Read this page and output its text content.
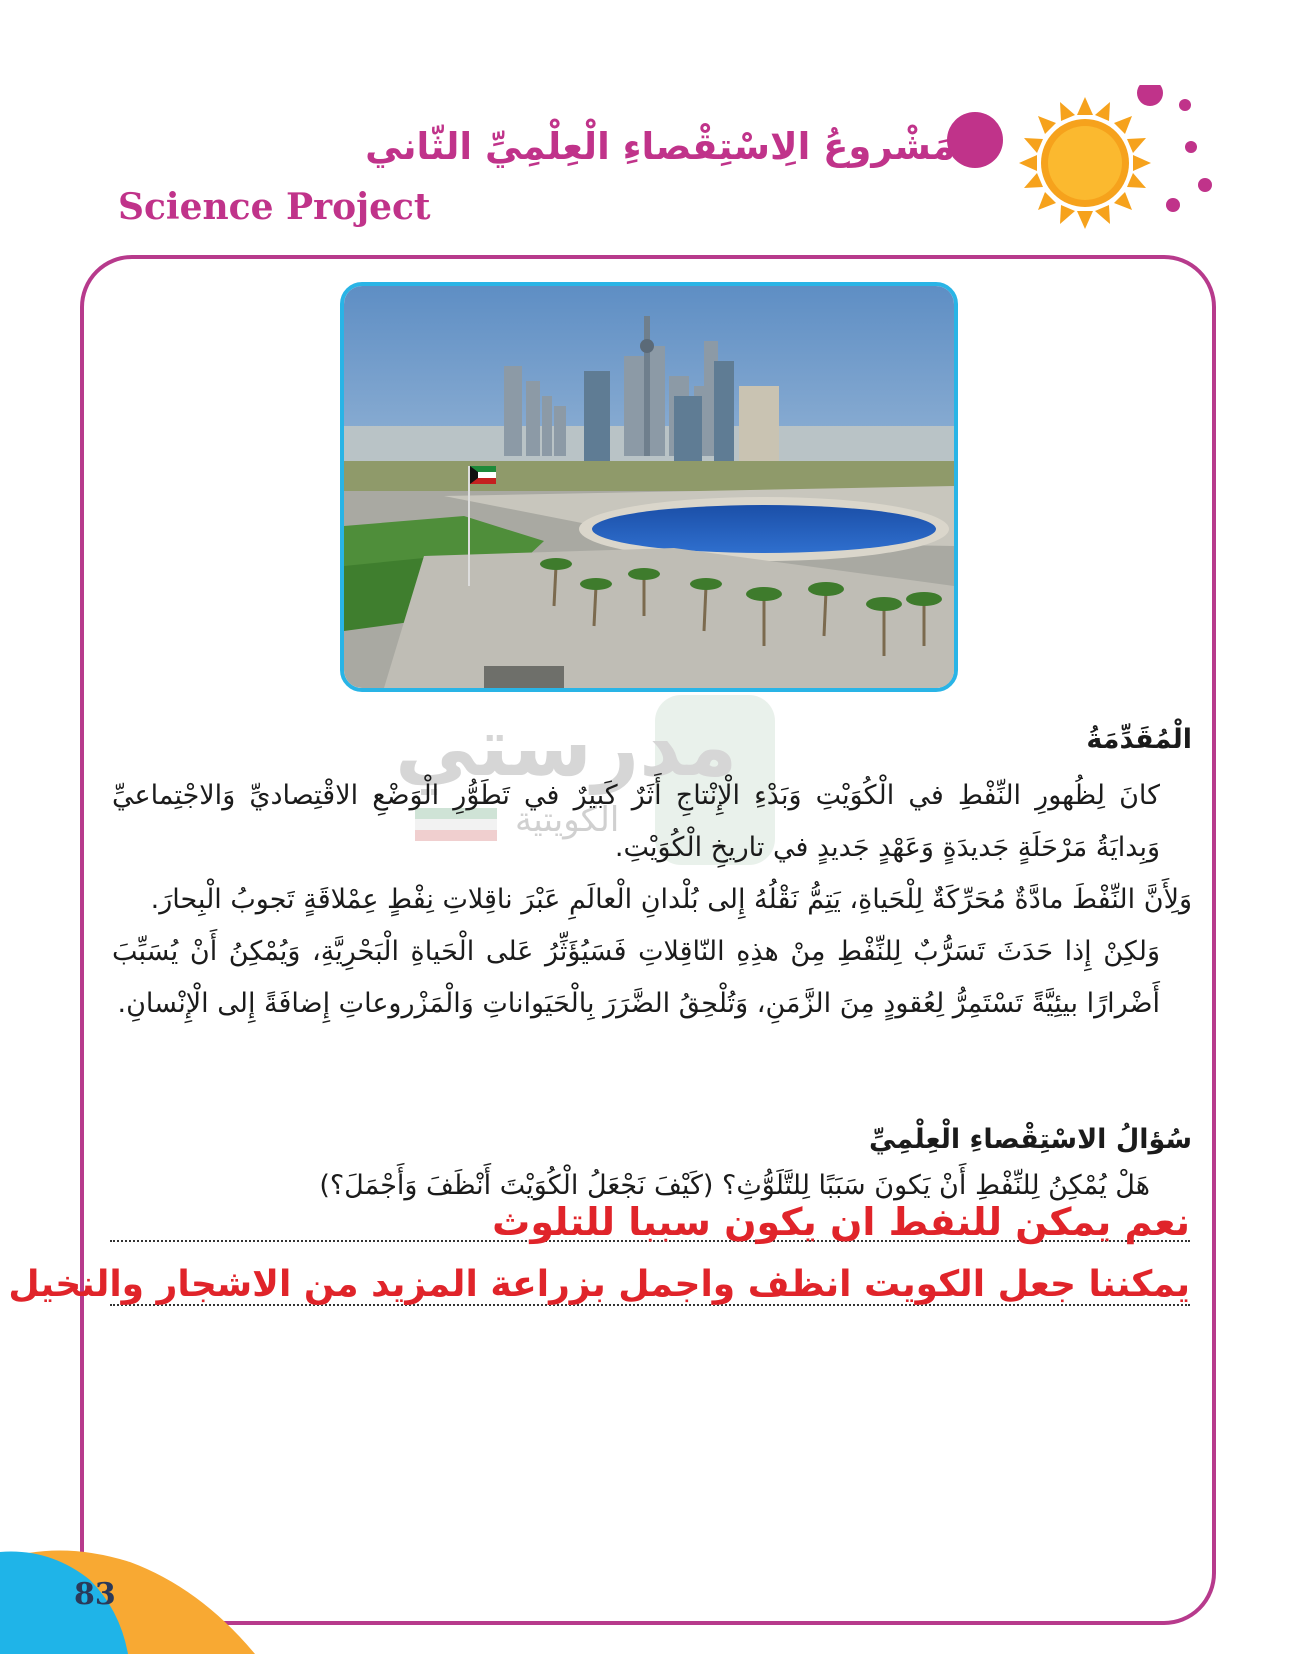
مَشْروعُ الِاسْتِقْصاءِ الْعِلْمِيِّ الثّاني
Science Project
مدرستي
الكويتية
الْمُقَدِّمَةُ

كانَ لِظُهورِ النِّفْطِ في الْكُوَيْتِ وَبَدْءِ الْإِنْتاجِ أَثَرٌ كَبيرٌ في تَطَوُّرِ الْوَضْعِ الاقْتِصاديِّ وَالاجْتِماعيِّ وَبِدايَةُ مَرْحَلَةٍ جَديدَةٍ وَعَهْدٍ جَديدٍ في تاريخِ الْكُوَيْتِ.

وَلِأَنَّ النِّفْطَ مادَّةٌ مُحَرِّكَةٌ لِلْحَياةِ، يَتِمُّ نَقْلُهُ إِلى بُلْدانِ الْعالَمِ عَبْرَ ناقِلاتِ نِفْطٍ عِمْلاقَةٍ تَجوبُ الْبِحارَ.

وَلكِنْ إِذا حَدَثَ تَسَرُّبٌ لِلنِّفْطِ مِنْ هذِهِ النّاقِلاتِ فَسَيُؤَثِّرُ عَلى الْحَياةِ الْبَحْرِيَّةِ، وَيُمْكِنُ أَنْ يُسَبِّبَ أَضْرارًا بيئِيَّةً تَسْتَمِرُّ لِعُقودٍ مِنَ الزَّمَنِ، وَتُلْحِقُ الضَّرَرَ بِالْحَيَواناتِ وَالْمَزْروعاتِ إِضافَةً إِلى الْإِنْسانِ.

سُؤالُ الاسْتِقْصاءِ الْعِلْمِيِّ
هَلْ يُمْكِنُ لِلنِّفْطِ أَنْ يَكونَ سَبَبًا لِلتَّلَوُّثِ؟ (كَيْفَ نَجْعَلُ الْكُوَيْتَ أَنْظَفَ وَأَجْمَلَ؟)
نعم يمكن للنفط ان يكون سببا للتلوث
يمكننا جعل الكويت انظف واجمل بزراعة المزيد من الاشجار والنخيل
83
